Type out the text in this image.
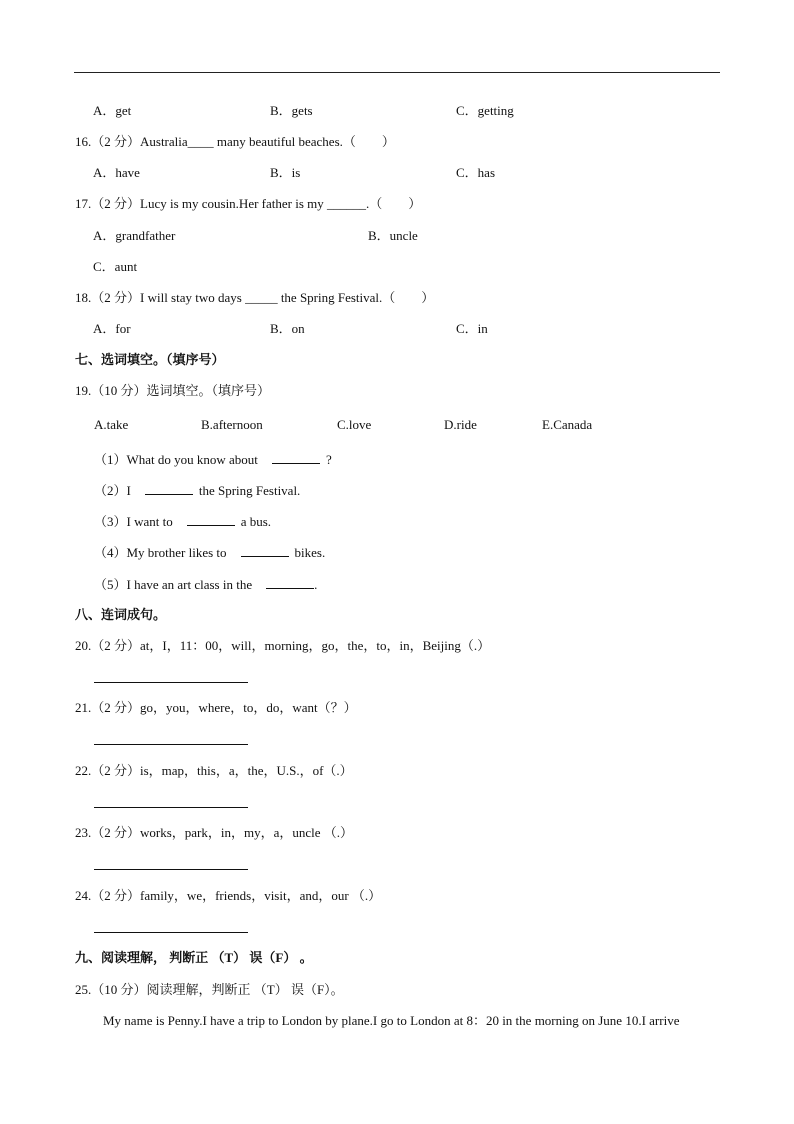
A．get	B．gets	C．getting
16.（2 分）Australia____ many beautiful beaches.（　　）
A．have	B．is	C．has
17.（2 分）Lucy is my cousin.Her father is my ______.（　　）
A．grandfather	B．uncle
C．aunt
18.（2 分）I will stay two days _____ the Spring Festival.（　　）
A．for	B．on	C．in
七、选词填空。（填序号）
19.（10 分）选词填空。（填序号）
A.take	B.afternoon	C.love	D.ride	E.Canada
（1）What do you know about	?
（2）I	the Spring Festival.
（3）I want to	a bus.
（4）My brother likes to	bikes.
（5）I have an art class in the	.
八、连词成句。
20.（2 分）at，I，11：00，will，morning，go，the，to，in，Beijing（.）
21.（2 分）go，you，where，to，do，want（？）
22.（2 分）is，map，this，a，the，U.S.，of（.）
23.（2 分）works，park，in，my，a，uncle （.）
24.（2 分）family，we，friends，visit，and，our （.）
九、阅读理解， 判断正 （T） 误（F） 。
25.（10 分）阅读理解，判断正 （T） 误（F）。
My name is Penny.I have a trip to London by plane.I go to London at 8：20 in the morning on June 10.I arrive
